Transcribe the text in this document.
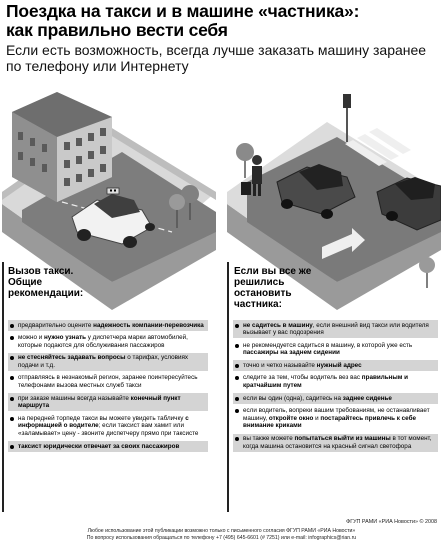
Поездка на такси и в машине «частника»:
как правильно вести себя
Если есть возможность, всегда лучше заказать машину заранее по телефону или Интернету
Вызов такси. Общие рекомендации:
Если вы все же решились остановить частника:
предварительно оцените надежность компании-перевозчика
можно и нужно узнать у диспетчера марки автомобилей, которые подаются для обслуживания пассажиров
не стесняйтесь задавать вопросы о тарифах, условиях подачи и т.д.
отправляясь в незнакомый регион, заранее поинтересуйтесь телефонами вызова местных служб такси
при заказе машины всегда называйте конечный пункт маршрута
на передней торпеде такси вы можете увидеть табличку с информацией о водителе; если таксист вам хамит или «заламывает» цену - звоните диспетчеру прямо при таксисте
таксист юридически отвечает за своих пассажиров
не садитесь в машину, если внешний вид такси или водителя вызывает у вас подозрения
не рекомендуется садиться в машину, в которой уже есть пассажиры на заднем сидении
точно и четко называйте нужный адрес
следите за тем, чтобы водитель вез вас правильным и кратчайшим путем
если вы один (одна), садитесь на заднее сиденье
если водитель, вопреки вашим требованиям, не останавливает машину, откройте окно и постарайтесь привлечь к себе внимание криками
вы также можете попытаться выйти из машины в тот момент, когда машина остановится на красный сигнал светофора
ФГУП РАМИ «РИА Новости» © 2008
Любое использование этой публикации возможно только с письменного согласия ФГУП РАМИ «РИА Новости»
По вопросу использования обращаться по телефону +7 (495) 645-6601 (# 7251) или e-mail: infographics@rian.ru
